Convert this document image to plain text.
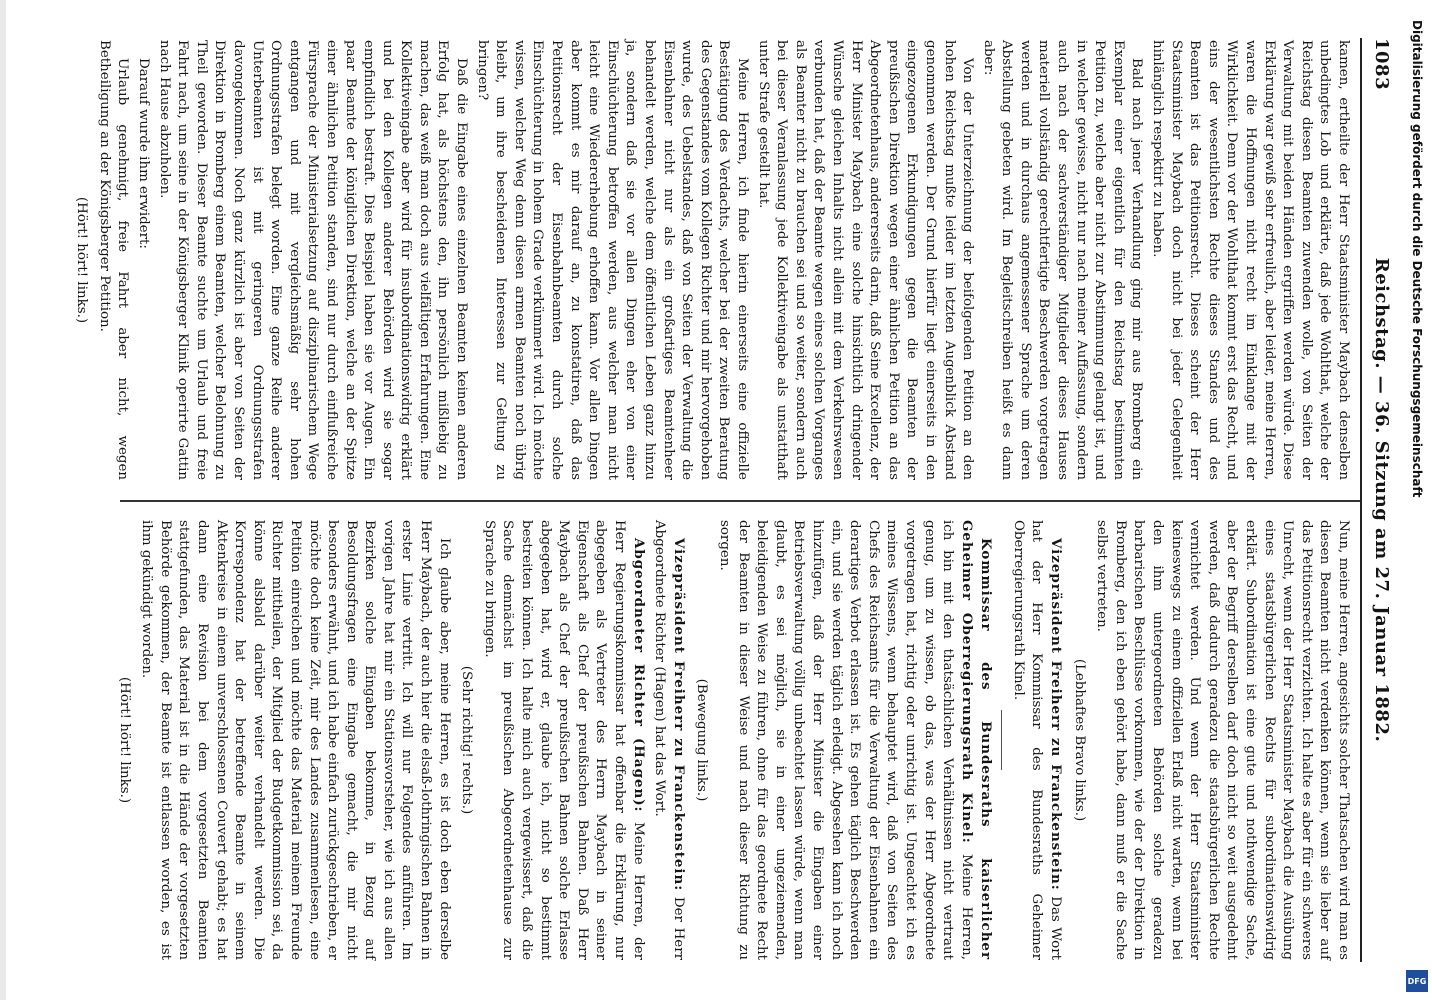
1083
Reichstag. — 36. Sitzung am 27. Januar 1882.

kamen, ertheilte der Herr Staatsminister Maybach denselben unbedingtes Lob und erklärte, daß jede Wohlthat, welche der Reichstag diesen Beamten zuwenden wolle, von Seiten der Verwaltung mit beiden Händen ergriffen werden würde. Diese Erklärung war gewiß sehr erfreulich, aber leider, meine Herren, waren die Hoffnungen nicht recht im Einklange mit der Wirklichkeit. Denn vor der Wohlthat kommt erst das Recht, und eins der wesentlichsten Rechte dieses Standes und des Beamten ist das Petitionsrecht. Dieses scheint der Herr Staatsminister Maybach doch nicht bei jeder Gelegenheit hinlänglich respektirt zu haben.

Bald nach jener Verhandlung ging mir aus Bromberg ein Exemplar einer eigentlich für den Reichstag bestimmten Petition zu, welche aber nicht zur Abstimmung gelangt ist, und in welcher gewisse, nicht nur nach meiner Auffassung, sondern auch nach der sachverständiger Mitglieder dieses Hauses materiell vollständig gerechtfertigte Beschwerden vorgetragen werden und in durchaus angemessener Sprache um deren Abstellung gebeten wird. Im Begleitschreiben heißt es dann aber:

Von der Unterzeichnung der beifolgenden Petition an den hohen Reichstag mußte leider im letzten Augenblick Abstand genommen werden. Der Grund hierfür liegt einerseits in den eingezogenen Erkundigungen gegen die Beamten der preußischen Direktion wegen einer ähnlichen Petition an das Abgeordnetenhaus, andererseits darin, daß Seine Excellenz, der Herr Minister Maybach eine solche hinsichtlich dringender Wünsche gleichen Inhalts nicht allein mit dem Verkehrswesen verbunden hat, daß der Beamte wegen eines solchen Vorganges als Beamter nicht zu brauchen sei und so weiter, sondern auch bei dieser Veranlassung jede Kollektiveingabe als unstatthaft unter Strafe gestellt hat.

Meine Herren, ich finde hierin einerseits eine offizielle Bestätigung des Verdachts, welcher bei der zweiten Beratung des Gegenstandes vom Kollegen Richter und mir hervorgehoben wurde, des Uebelstandes, daß von Seiten der Verwaltung die Eisenbahner nicht nur als ein großartiges Beamtenheer behandelt werden, welche dem öffentlichen Leben ganz hinzu ja, sondern daß sie vor allen Dingen eher von einer Einschüchterung betroffen werden, aus welcher man nicht leicht eine Wiedererhebung erhoffen kann. Vor allen Dingen aber kommt es mir darauf an, zu konstatiren, daß das Petitionsrecht der Eisenbahnbeamten durch solche Einschüchterung in hohem Grade verkümmert wird. Ich möchte wissen, welcher Weg denn diesen armen Beamten noch übrig bleibt, um ihre bescheidenen Interessen zur Geltung zu bringen?

Daß die Eingabe eines einzelnen Beamten keinen anderen Erfolg hat, als höchstens den, ihn persönlich mißliebig zu machen, das weiß man doch aus vielfältigen Erfahrungen. Eine Kollektiveingabe aber wird für insubordinationswidrig erklärt und bei den Kollegen anderer Behörden wird sie sogar empfindlich bestraft. Dies Beispiel haben sie vor Augen. Ein paar Beamte der königlichen Direktion, welche an der Spitze einer ähnlichen Petition standen, sind nur durch einflußreiche Fürsprache der Ministerialsetzung auf disziplinarischem Wege entgangen und mit vergleichsmäßig sehr hohen Ordnungsstrafen belegt worden. Eine ganze Reihe anderer Unterbeamten ist mit geringeren Ordnungsstrafen davongekommen. Noch ganz kürzlich ist aber von Seiten der Direktion in Bromberg einem Beamten, welcher Belohnung zu Theil geworden. Dieser Beamte suchte um Urlaub und freie Fahrt nach, um seine in der Königsberger Klinik operirte Gattin nach Hause abzuholen.

Darauf wurde ihm erwidert:

Urlaub genehmigt, freie Fahrt aber nicht, wegen Betheiligung an der Königsberger Petition.

(Hört! hört! links.)

Nun, meine Herren, angesichts solcher Thatsachen wird man es diesen Beamten nicht verdenken können, wenn sie lieber auf das Petitionsrecht verzichten. Ich halte es aber für ein schweres Unrecht, wenn der Herr Staatsminister Maybach die Ausübung eines staatsbürgerlichen Rechts für subordinationswidrig erklärt. Subordination ist eine gute und nothwendige Sache, aber der Begriff derselben darf doch nicht so weit ausgedehnt werden, daß dadurch geradezu die staatsbürgerlichen Rechte vernichtet werden. Und wenn der Herr Staatsminister keineswegs zu einem offiziellen Erlaß nicht warten, wenn bei den ihm untergeordneten Behörden solche geradezu barbarischen Beschlüsse vorkommen, wie der der Direktion in Bromberg, den ich eben gehört habe, dann muß er die Sache selbst vertreten.

(Lebhaftes Bravo links.)

Vizepräsident Freiherr zu Franckenstein: Das Wort hat der Herr Kommissar des Bundesraths Geheimer Oberregierungsrath Kinel.

Kommissar des Bundesraths kaiserlicher Geheimer Oberregierungsrath Kinel: Meine Herren, ich bin mit den thatsächlichen Verhältnissen nicht vertraut genug, um zu wissen, ob das, was der Herr Abgeordnete vorgetragen hat, richtig oder unrichtig ist. Ungeachtet ich es meines Wissens, wenn behauptet wird, daß von Seiten des Chefs des Reichsamts für die Verwaltung der Eisenbahnen ein derartiges Verbot erlassen ist. Es gehen täglich Beschwerden ein, und sie werden täglich erledigt. Abgesehen kann ich noch hinzufügen, daß der Herr Minister die Eingaben einer Betriebsverwaltung völlig unbeachtet lassen würde, wenn man glaubt, es sei möglich, sie in einer ungeziemenden, beleidigenden Weise zu führen, ohne für das geordnete Recht der Beamten in dieser Weise und nach dieser Richtung zu sorgen.

(Bewegung links.)

Vizepräsident Freiherr zu Franckenstein: Der Herr Abgeordnete Richter (Hagen) hat das Wort.

Abgeordneter Richter (Hagen): Meine Herren, der Herr Regierungskommissar hat offenbar die Erklärung, nur abgegeben als Vertreter des Herrn Maybach in seiner Eigenschaft als Chef der preußischen Bahnen. Daß Herr Maybach als Chef der preußischen Bahnen solche Erlasse abgegeben hat, wird er, glaube ich, nicht so bestimmt bestreiten können. Ich halte mich auch vergewissert, daß die Sache demnächst im preußischen Abgeordnetenhause zur Sprache zu bringen.

(Sehr richtig! rechts.)

Ich glaube aber, meine Herren, es ist doch eben derselbe Herr Maybach, der auch hier die elsaß-lothringischen Bahnen in erster Linie vertritt. Ich will nur Folgendes anführen. Im vorigen Jahre hat mir ein Stationsvorsteher, wie ich aus allen Bezirken solche Eingaben bekomme, in Bezug auf Besoldungsfragen eine Eingabe gemacht, die mir nicht besonders erwähnt, und ich habe einfach zurückgeschrieben, er möchte doch keine Zeit, mir des Landes zusammenlesen, eine Petition einreichen und möchte das Material meinem Freunde Richter mittheilen, der Mitglied der Budgetkommission sei, da könne alsbald darüber weiter verhandelt werden. Die Korrespondenz hat der betreffende Beamte in seinem Aktenkreise in einem unverschlossenen Couvert gehabt; es hat dann eine Revision bei dem vorgesetzten Beamten stattgefunden, das Material ist in die Hände der vorgesetzten Behörde gekommen, der Beamte ist entlassen worden, es ist ihm gekündigt worden.

(Hört! hört! links.)

Digitalisierung gefördert durch die Deutsche Forschungsgemeinschaft
DFG
